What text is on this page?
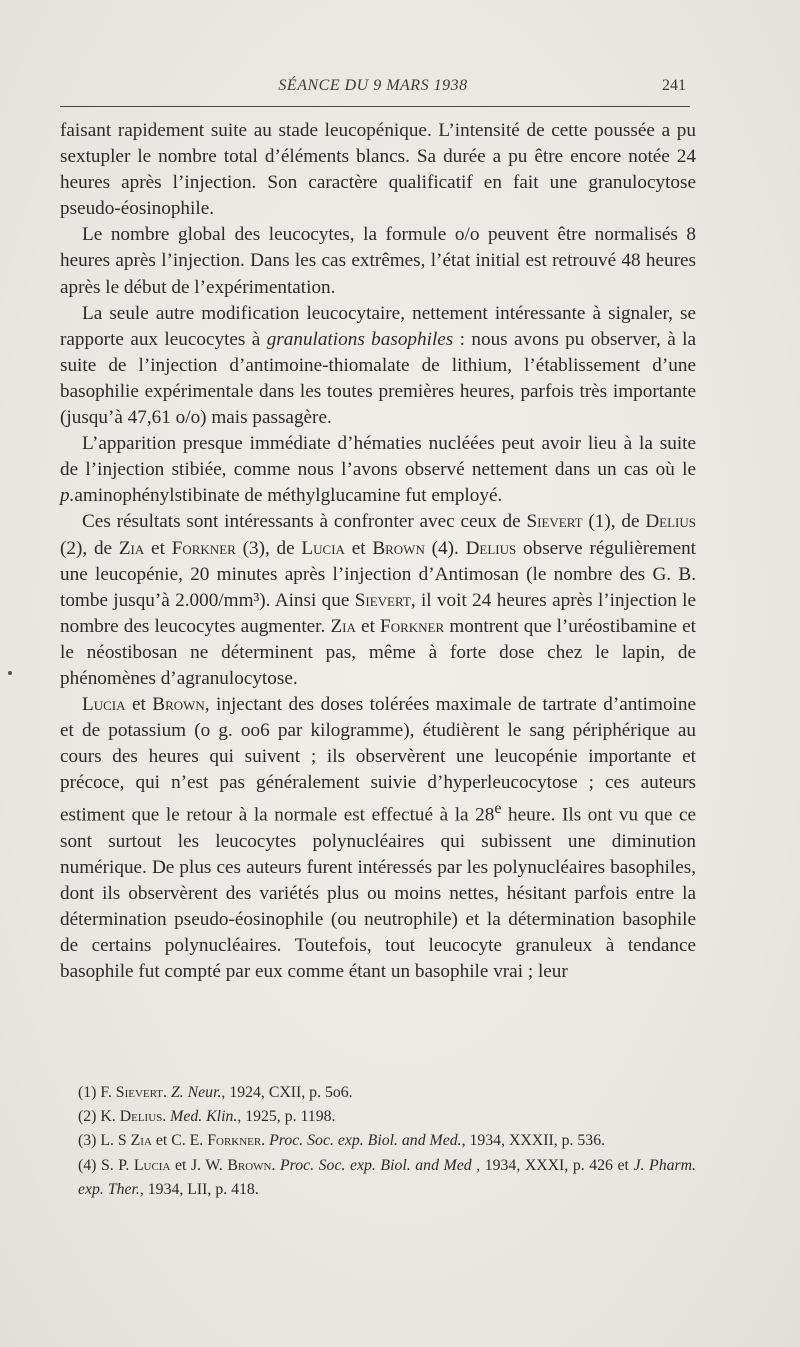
SÉANCE DU 9 MARS 1938	241

faisant rapidement suite au stade leucopénique. L’intensité de cette poussée a pu sextupler le nombre total d’éléments blancs. Sa durée a pu être encore notée 24 heures après l’injection. Son caractère qualificatif en fait une granulocytose pseudo-éosinophile.

Le nombre global des leucocytes, la formule o/o peuvent être normalisés 8 heures après l’injection. Dans les cas extrêmes, l’état initial est retrouvé 48 heures après le début de l’expérimentation.

La seule autre modification leucocytaire, nettement intéressante à signaler, se rapporte aux leucocytes à granulations basophiles : nous avons pu observer, à la suite de l’injection d’antimoine-thiomalate de lithium, l’établissement d’une basophilie expérimentale dans les toutes premières heures, parfois très importante (jusqu’à 47,61 o/o) mais passagère.

L’apparition presque immédiate d’hématies nucléées peut avoir lieu à la suite de l’injection stibiée, comme nous l’avons observé nettement dans un cas où le p.aminophénylstibinate de méthylglucamine fut employé.

Ces résultats sont intéressants à confronter avec ceux de Sievert (1), de Delius (2), de Zia et Forkner (3), de Lucia et Brown (4). Delius observe régulièrement une leucopénie, 20 minutes après l’injection d’Antimosan (le nombre des G. B. tombe jusqu’à 2.000/mm³). Ainsi que Sievert, il voit 24 heures après l’injection le nombre des leucocytes augmenter. Zia et Forkner montrent que l’uréostibamine et le néostibosan ne déterminent pas, même à forte dose chez le lapin, de phénomènes d’agranulocytose.

Lucia et Brown, injectant des doses tolérées maximale de tartrate d’antimoine et de potassium (o g. oo6 par kilogramme), étudièrent le sang périphérique au cours des heures qui suivent ; ils observèrent une leucopénie importante et précoce, qui n’est pas généralement suivie d’hyperleucocytose ; ces auteurs estiment que le retour à la normale est effectué à la 28e heure. Ils ont vu que ce sont surtout les leucocytes polynucléaires qui subissent une diminution numérique. De plus ces auteurs furent intéressés par les polynucléaires basophiles, dont ils observèrent des variétés plus ou moins nettes, hésitant parfois entre la détermination pseudo-éosinophile (ou neutrophile) et la détermination basophile de certains polynucléaires. Toutefois, tout leucocyte granuleux à tendance basophile fut compté par eux comme étant un basophile vrai ; leur

(1) F. Sievert. Z. Neur., 1924, CXII, p. 5o6.

(2) K. Delius. Med. Klin., 1925, p. 1198.

(3) L. S Zia et C. E. Forkner. Proc. Soc. exp. Biol. and Med., 1934, XXXII, p. 536.

(4) S. P. Lucia et J. W. Brown. Proc. Soc. exp. Biol. and Med , 1934, XXXI, p. 426 et J. Pharm. exp. Ther., 1934, LII, p. 418.
